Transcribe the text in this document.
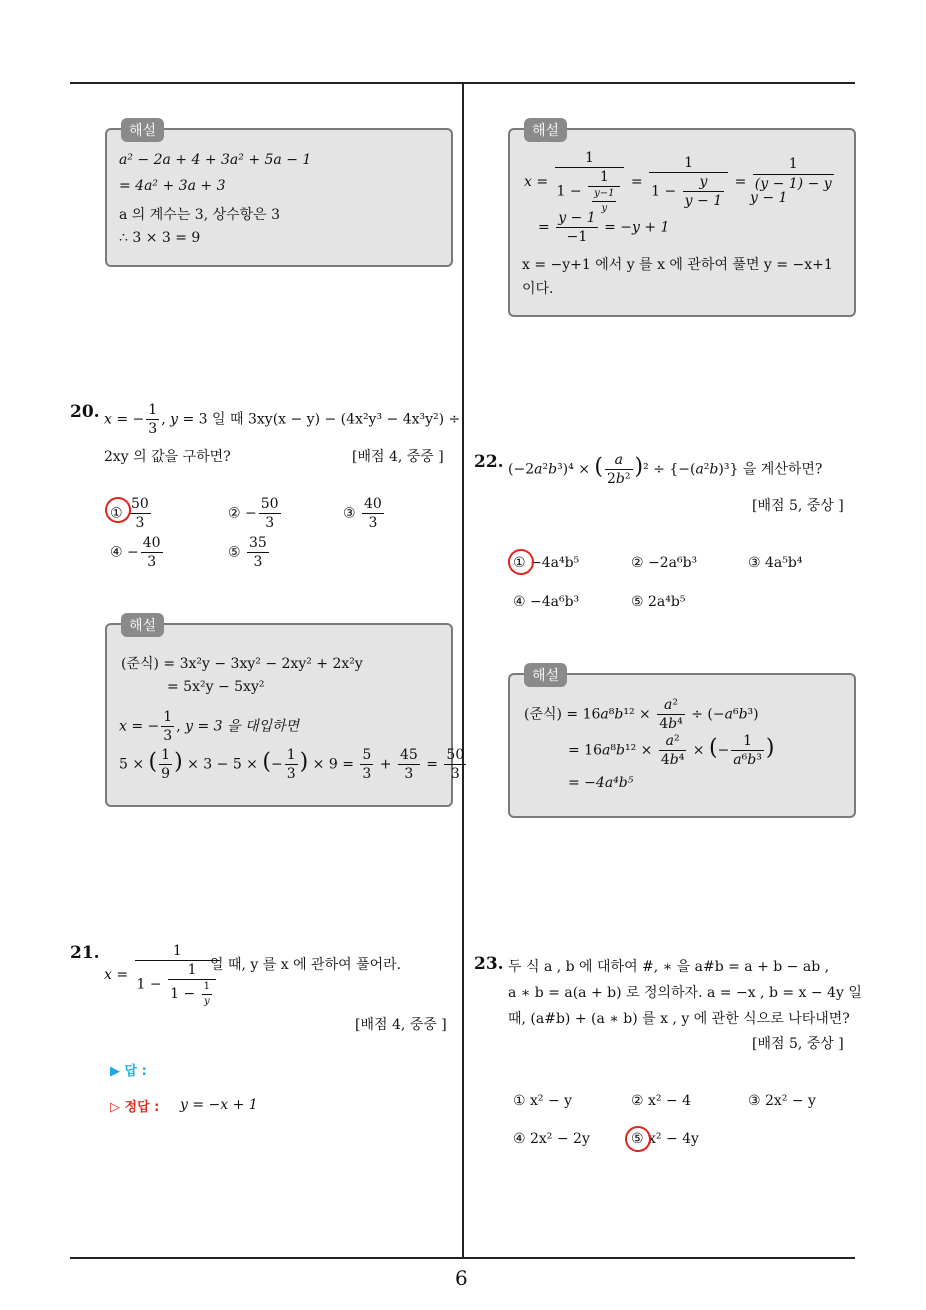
6
해설
a² − 2a + 4 + 3a² + 5a − 1
= 4a² + 3a + 3
a 의 계수는 3, 상수항은 3
∴ 3 × 3 = 9
20. x = − $\frac{1}{3}$ , y = 3 일 때 3xy(x − y) − (4x²y³ − 4x³y²) ÷
2xy 의 값을 구하면?	[배점 4, 중중 ]
① $\frac{50}{3}$	② − $\frac{50}{3}$	③ $\frac{40}{3}$
④ − $\frac{40}{3}$	⑤ $\frac{35}{3}$
해설
(준식) = 3x²y − 3xy² − 2xy² + 2x²y
= 5x²y − 5xy²
x = − $\frac{1}{3}$ , y = 3 을 대입하면
5 × ( $\frac{1}{9}$ ) × 3 − 5 × (− $\frac{1}{3}$ ) × $9 = \frac{5}{3} + \frac{45}{3} = \frac{50}{3}$
21.
$x = \frac{1}{1 - \frac{1}{1 - \frac{1}{y}}}$
일 때, y 를 x 에 관하여 풀어라.
[배점 4, 중중 ]
▶ 답 :
▷ 정답 : y = −x + 1
해설
$x = \frac{1}{1 - \frac{1}{\frac{y-1}{y}}} = \frac{1}{1 - \frac{y}{y - 1}}$ =
1
(y − 1) − y

y − 1
= $\frac{y - 1}{-1} = -y + 1$
x = −y+1 에서 y 를 x 에 관하여 풀면 y = −x+1
이다.
22. (−2a²b³)⁴ × ( $\frac{a}{\text{2b²}} )^2 \div \{-(a^2b)^3\}$ 을 계산하면?
[배점 5, 중상 ]
① −4a⁴b⁵	② −2a⁶b³	③ 4a⁵b⁴
④ −4a⁶b³	⑤ 2a⁴b⁵
해설
(준식) = $16a^8b^{12} \times \frac{\text{a²}}{\text{4b⁴}} \div (-a^6b^3)$
= $16a^8b^{12} \times \frac{\text{a²}}{\text{4b⁴}}$ × (− $\frac{1}{\text{a⁶b³}}$ )
= −4a⁴b⁵
23. 두 식 a , b 에 대하여 #, ∗ 을 a#b = a + b − ab ,
a ∗ b = a(a + b) 로 정의하자. a = −x , b = x − 4y 일
때, (a#b) + (a ∗ b) 를 x , y 에 관한 식으로 나타내면?
[배점 5, 중상 ]
① x² − y	② x² − 4	③ 2x² − y
④ 2x² − 2y	⑤ x² − 4y
